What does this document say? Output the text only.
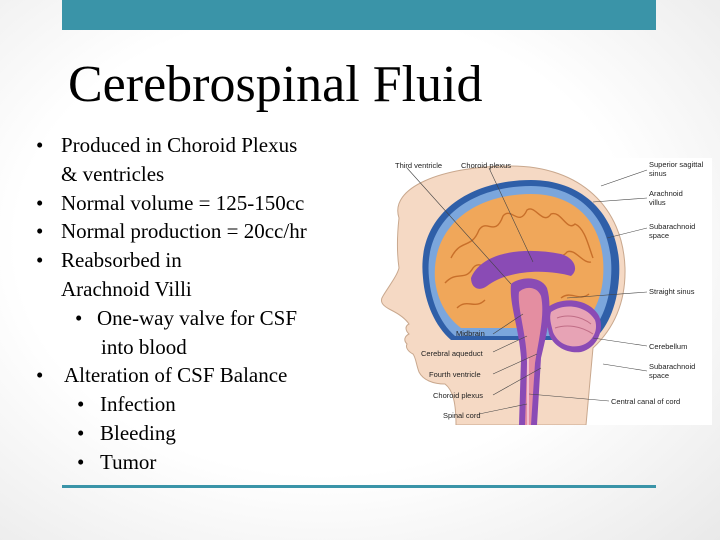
Cerebrospinal Fluid
• Produced in Choroid Plexus
& ventricles
• Normal volume = 125-150cc
• Normal production = 20cc/hr
• Reabsorbed in
Arachnoid Villi
• One-way valve for CSF
into blood
• Alteration of CSF Balance
• Infection
• Bleeding
• Tumor
Third ventricle	Choroid plexus	Superior sagittal
sinus
Arachnoid
villus
Subarachnoid
space
Straight sinus
Midbrain
Cerebral aqueduct
Fourth ventricle
Choroid plexus
Spinal cord
Cerebellum
Subarachnoid
space
Central canal of cord
